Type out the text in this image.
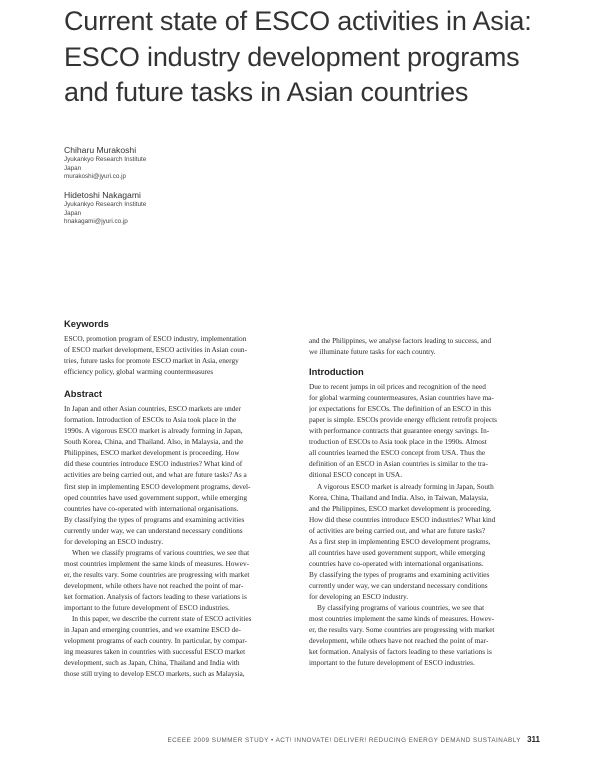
Current state of ESCO activities in Asia:
ESCO industry development programs
and future tasks in Asian countries
Chiharu Murakoshi
Jyukankyo Research Institute
Japan
murakoshi@jyuri.co.jp
Hidetoshi Nakagami
Jyukankyo Research Institute
Japan
hnakagami@jyuri.co.jp
Keywords

ESCO, promotion program of ESCO industry, implementation
of ESCO market development, ESCO activities in Asian coun-
tries, future tasks for promote ESCO market in Asia, energy
efficiency policy, global warming countermeasures

Abstract

In Japan and other Asian countries, ESCO markets are under
formation. Introduction of ESCOs to Asia took place in the
1990s. A vigorous ESCO market is already forming in Japan,
South Korea, China, and Thailand. Also, in Malaysia, and the
Philippines, ESCO market development is proceeding. How
did these countries introduce ESCO industries? What kind of
activities are being carried out, and what are future tasks? As a
first step in implementing ESCO development programs, devel-
oped countries have used government support, while emerging
countries have co-operated with international organisations.
By classifying the types of programs and examining activities
currently under way, we can understand necessary conditions
for developing an ESCO industry.

When we classify programs of various countries, we see that
most countries implement the same kinds of measures. Howev-
er, the results vary. Some countries are progressing with market
development, while others have not reached the point of mar-
ket formation. Analysis of factors leading to these variations is
important to the future development of ESCO industries.

In this paper, we describe the current state of ESCO activities
in Japan and emerging countries, and we examine ESCO de-
velopment programs of each country. In particular, by compar-
ing measures taken in countries with successful ESCO market
development, such as Japan, China, Thailand and India with
those still trying to develop ESCO markets, such as Malaysia,

and the Philippines, we analyse factors leading to success, and
we illuminate future tasks for each country.

Introduction

Due to recent jumps in oil prices and recognition of the need
for global warming countermeasures, Asian countries have ma-
jor expectations for ESCOs. The definition of an ESCO in this
paper is simple. ESCOs provide energy efficient retrofit projects
with performance contracts that guarantee energy savings. In-
troduction of ESCOs to Asia took place in the 1990s. Almost
all countries learned the ESCO concept from USA. Thus the
definition of an ESCO in Asian countries is similar to the tra-
ditional ESCO concept in USA.

A vigorous ESCO market is already forming in Japan, South
Korea, China, Thailand and India. Also, in Taiwan, Malaysia,
and the Philippines, ESCO market development is proceeding.
How did these countries introduce ESCO industries? What kind
of activities are being carried out, and what are future tasks?
As a first step in implementing ESCO development programs,
all countries have used government support, while emerging
countries have co-operated with international organisations.
By classifying the types of programs and examining activities
currently under way, we can understand necessary conditions
for developing an ESCO industry.

By classifying programs of various countries, we see that
most countries implement the same kinds of measures. Howev-
er, the results vary. Some countries are progressing with market
development, while others have not reached the point of mar-
ket formation. Analysis of factors leading to these variations is
important to the future development of ESCO industries.

ECEEE 2009 SUMMER STUDY • ACT! INNOVATE! DELIVER! REDUCING ENERGY DEMAND SUSTAINABLY 311
